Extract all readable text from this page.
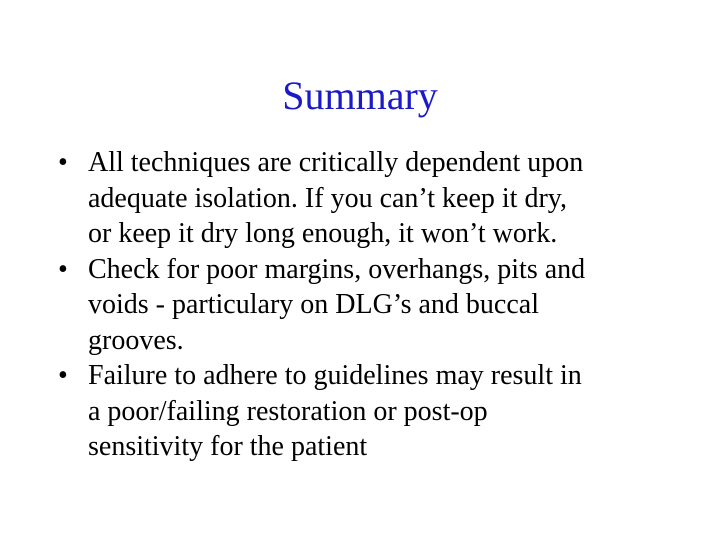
Summary
• All techniques are critically dependent upon
adequate isolation. If you can’t keep it dry,
or keep it dry long enough, it won’t work.
• Check for poor margins, overhangs, pits and
voids - particulary on DLG’s and buccal
grooves.
• Failure to adhere to guidelines may result in
a poor/failing restoration or post-op
sensitivity for the patient
